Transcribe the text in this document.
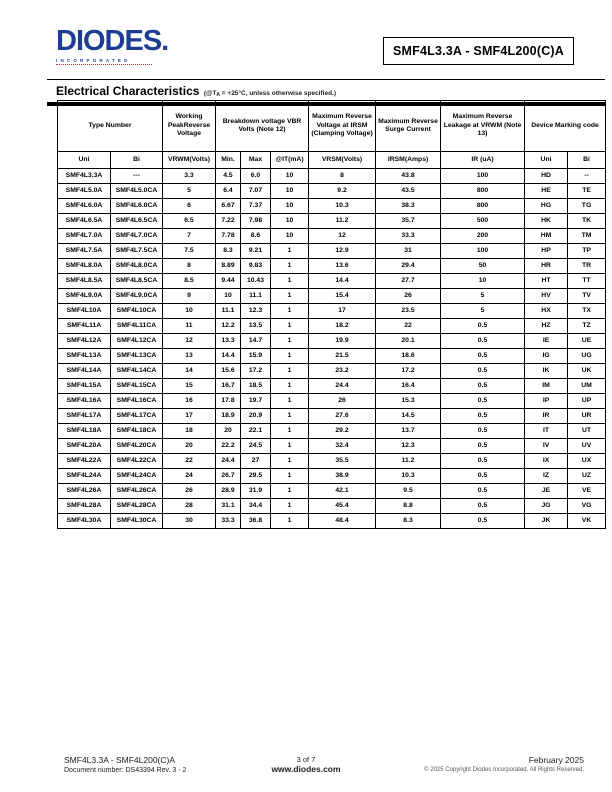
DIODES.
INCORPORATED
SMF4L3.3A - SMF4L200(C)A
Electrical Characteristics ($@T_A = +25^\circ C$, unless otherwise specified.)
Type Number		Working PeakReverse Voltage	Breakdown voltage VBR Volts (Note 12)			Maximum Reverse Voltage at IRSM (Clamping Voltage)	Maximum Reverse Surge Current	Maximum Reverse Leakage at VRWM (Note 13)	Device Marking code	
Uni	Bi	VRWM(Volts)	Min.	Max	@IT(mA)	VRSM(Volts)	IRSM(Amps)	IR (uA)	Uni	Bi
SMF4L3.3A	---	3.3	4.5	6.0	10	8	43.8	100	HD	--
SMF4L5.0A	SMF4L5.0CA	5	6.4	7.07	10	9.2	43.5	800	HE	TE
SMF4L6.0A	SMF4L6.0CA	6	6.67	7.37	10	10.3	38.3	800	HG	TG
SMF4L6.5A	SMF4L6.5CA	6.5	7.22	7.98	10	11.2	35.7	500	HK	TK
SMF4L7.0A	SMF4L7.0CA	7	7.78	8.6	10	12	33.3	200	HM	TM
SMF4L7.5A	SMF4L7.5CA	7.5	8.3	9.21	1	12.9	31	100	HP	TP
SMF4L8.0A	SMF4L8.0CA	8	8.89	9.83	1	13.6	29.4	50	HR	TR
SMF4L8.5A	SMF4L8.5CA	8.5	9.44	10.43	1	14.4	27.7	10	HT	TT
SMF4L9.0A	SMF4L9.0CA	9	10	11.1	1	15.4	26	5	HV	TV
SMF4L10A	SMF4L10CA	10	11.1	12.3	1	17	23.5	5	HX	TX
SMF4L11A	SMF4L11CA	11	12.2	13.5	1	18.2	22	0.5	HZ	TZ
SMF4L12A	SMF4L12CA	12	13.3	14.7	1	19.9	20.1	0.5	IE	UE
SMF4L13A	SMF4L13CA	13	14.4	15.9	1	21.5	18.6	0.5	IG	UG
SMF4L14A	SMF4L14CA	14	15.6	17.2	1	23.2	17.2	0.5	IK	UK
SMF4L15A	SMF4L15CA	15	16.7	18.5	1	24.4	16.4	0.5	IM	UM
SMF4L16A	SMF4L16CA	16	17.8	19.7	1	26	15.3	0.5	IP	UP
SMF4L17A	SMF4L17CA	17	18.9	20.9	1	27.6	14.5	0.5	IR	UR
SMF4L18A	SMF4L18CA	18	20	22.1	1	29.2	13.7	0.5	IT	UT
SMF4L20A	SMF4L20CA	20	22.2	24.5	1	32.4	12.3	0.5	IV	UV
SMF4L22A	SMF4L22CA	22	24.4	27	1	35.5	11.2	0.5	IX	UX
SMF4L24A	SMF4L24CA	24	26.7	29.5	1	38.9	10.3	0.5	IZ	UZ
SMF4L26A	SMF4L26CA	26	28.9	31.9	1	42.1	9.5	0.5	JE	VE
SMF4L28A	SMF4L28CA	28	31.1	34.4	1	45.4	8.8	0.5	JG	VG
SMF4L30A	SMF4L30CA	30	33.3	36.8	1	48.4	8.3	0.5	JK	VK
SMF4L3.3A - SMF4L200(C)A
Document number: DS43394 Rev. 3 - 2
3 of 7
www.diodes.com
February 2025
© 2025 Copyright Diodes Incorporated. All Rights Reserved.
